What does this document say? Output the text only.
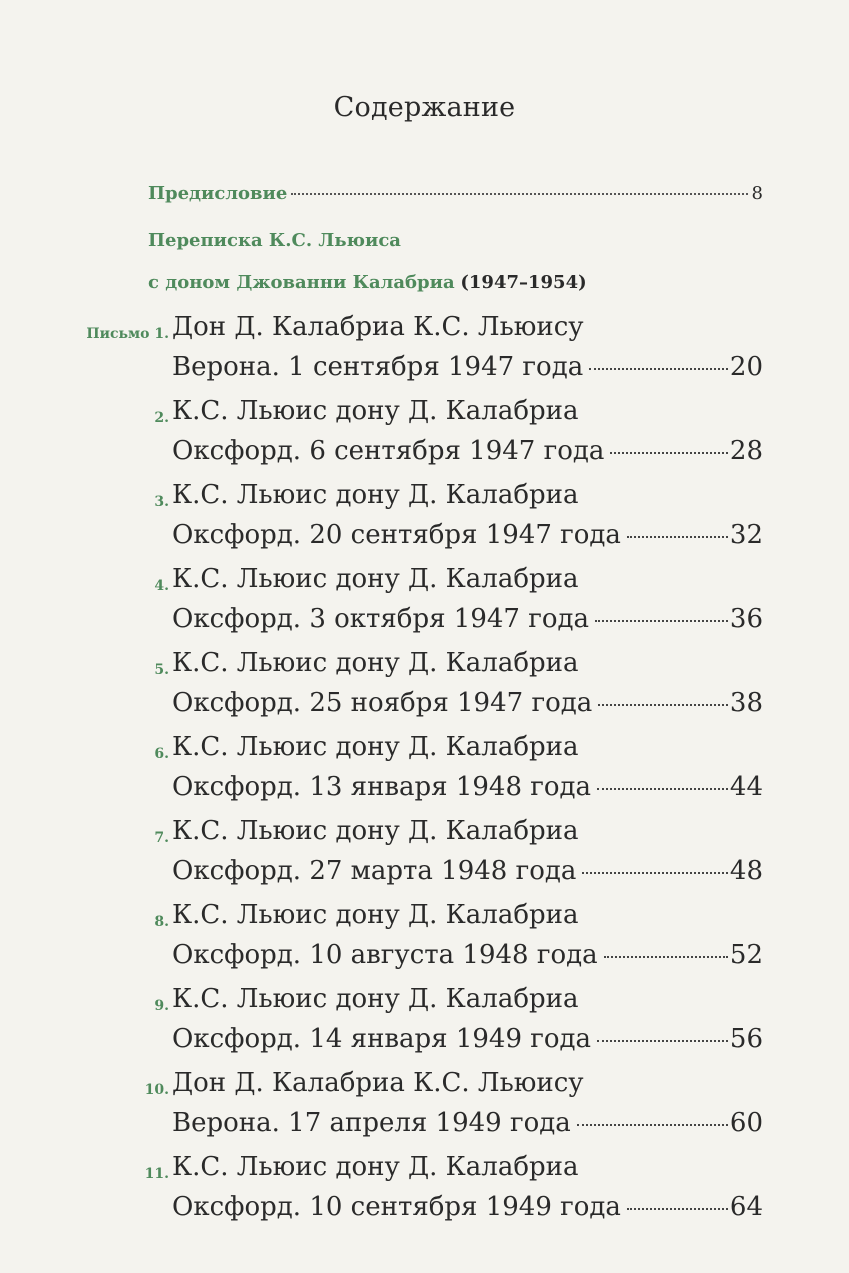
Содержание
Предисловие	8
Переписка К.С. Льюиса
с доном Джованни Калабриа (1947–1954)
Письмо 1. Дон Д. Калабриа К.С. Льюису
Верона. 1 сентября 1947 года	20
2. К.С. Льюис дону Д. Калабриа
Оксфорд. 6 сентября 1947 года	28
3. К.С. Льюис дону Д. Калабриа
Оксфорд. 20 сентября 1947 года	32
4. К.С. Льюис дону Д. Калабриа
Оксфорд. 3 октября 1947 года	36
5. К.С. Льюис дону Д. Калабриа
Оксфорд. 25 ноября 1947 года	38
6. К.С. Льюис дону Д. Калабриа
Оксфорд. 13 января 1948 года	44
7. К.С. Льюис дону Д. Калабриа
Оксфорд. 27 марта 1948 года	48
8. К.С. Льюис дону Д. Калабриа
Оксфорд. 10 августа 1948 года	52
9. К.С. Льюис дону Д. Калабриа
Оксфорд. 14 января 1949 года	56
10. Дон Д. Калабриа К.С. Льюису
Верона. 17 апреля 1949 года	60
11. К.С. Льюис дону Д. Калабриа
Оксфорд. 10 сентября 1949 года	64
